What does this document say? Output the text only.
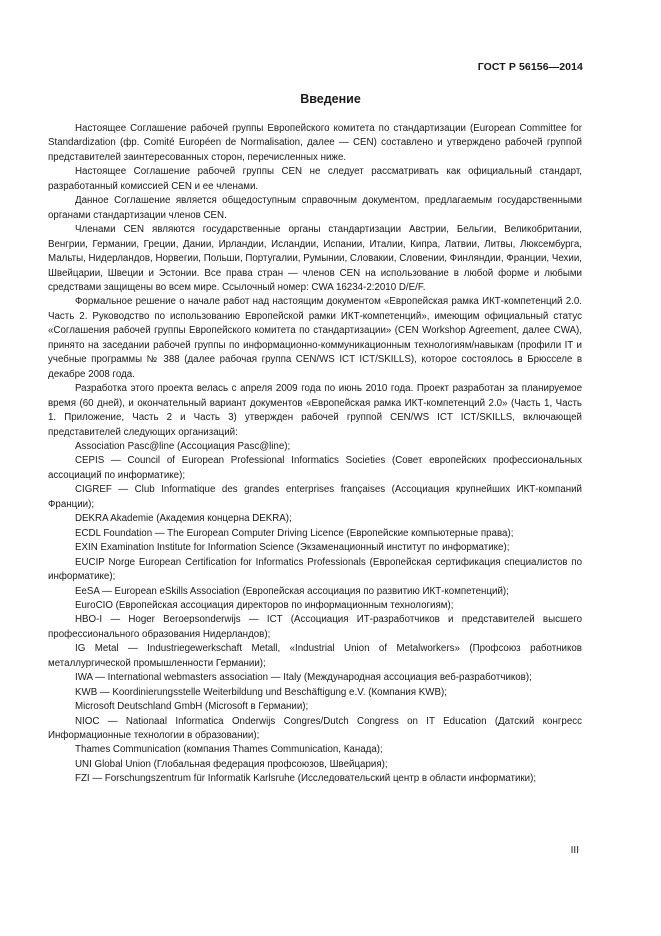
ГОСТ Р 56156—2014
Введение

Настоящее Соглашение рабочей группы Европейского комитета по стандартизации (European Committee for Standardization (фр. Comité Européen de Normalisation, далее — CEN) составлено и утверждено рабочей группой представителей заинтересованных сторон, перечисленных ниже.

Настоящее Соглашение рабочей группы CEN не следует рассматривать как официальный стандарт, разработанный комиссией CEN и ее членами.

Данное Соглашение является общедоступным справочным документом, предлагаемым государственными органами стандартизации членов CEN.

Членами CEN являются государственные органы стандартизации Австрии, Бельгии, Великобритании, Венгрии, Германии, Греции, Дании, Ирландии, Исландии, Испании, Италии, Кипра, Латвии, Литвы, Люксембурга, Мальты, Нидерландов, Норвегии, Польши, Португалии, Румынии, Словакии, Словении, Финляндии, Франции, Чехии, Швейцарии, Швеции и Эстонии. Все права стран — членов CEN на использование в любой форме и любыми средствами защищены во всем мире. Ссылочный номер: CWA 16234-2:2010 D/E/F.

Формальное решение о начале работ над настоящим документом «Европейская рамка ИКТ-компетенций 2.0. Часть 2. Руководство по использованию Европейской рамки ИКТ-компетенций», имеющим официальный статус «Соглашения рабочей группы Европейского комитета по стандартизации» (CEN Workshop Agreement, далее CWA), принято на заседании рабочей группы по информационно-коммуникационным технологиям/навыкам (профили IT и учебные программы № 388 (далее рабочая группа CEN/WS ICT ICT/SKILLS), которое состоялось в Брюсселе в декабре 2008 года.

Разработка этого проекта велась с апреля 2009 года по июнь 2010 года. Проект разработан за планируемое время (60 дней), и окончательный вариант документов «Европейская рамка ИКТ-компетенций 2.0» (Часть 1, Часть 1. Приложение, Часть 2 и Часть 3) утвержден рабочей группой CEN/WS ICT ICT/SKILLS, включающей представителей следующих организаций:

Association Pasc@line (Ассоциация Pasc@line);

CEPIS — Council of European Professional Informatics Societies (Совет европейских профессиональных ассоциаций по информатике);

CIGREF — Club Informatique des grandes enterprises françaises (Ассоциация крупнейших ИКТ-компаний Франции);

DEKRA Akademie (Академия концерна DEKRA);

ECDL Foundation — The European Computer Driving Licence (Европейские компьютерные права);

EXIN Examination Institute for Information Science (Экзаменационный институт по информатике);

EUCIP Norge European Certification for Informatics Professionals (Европейская сертификация специалистов по информатике);

EeSA — European eSkills Association (Европейская ассоциация по развитию ИКТ-компетенций);

EuroCIO (Европейская ассоциация директоров по информационным технологиям);

HBO-I — Hoger Beroepsonderwijs — ICT (Ассоциация ИТ-разработчиков и представителей высшего профессионального образования Нидерландов);

IG Metal — Industriegewerkschaft Metall, «Industrial Union of Metalworkers» (Профсоюз работников металлургической промышленности Германии);

IWA — International webmasters association — Italy (Международная ассоциация веб-разработчиков);

KWB — Koordinierungsstelle Weiterbildung und Beschäftigung e.V. (Компания KWB);

Microsoft Deutschland GmbH (Microsoft в Германии);

NIOC — Nationaal Informatica Onderwijs Congres/Dutch Congress on IT Education (Датский конгресс Информационные технологии в образовании);

Thames Communication (компания Thames Communication, Канада);

UNI Global Union (Глобальная федерация профсоюзов, Швейцария);

FZI — Forschungszentrum für Informatik Karlsruhe (Исследовательский центр в области информатики);

III
